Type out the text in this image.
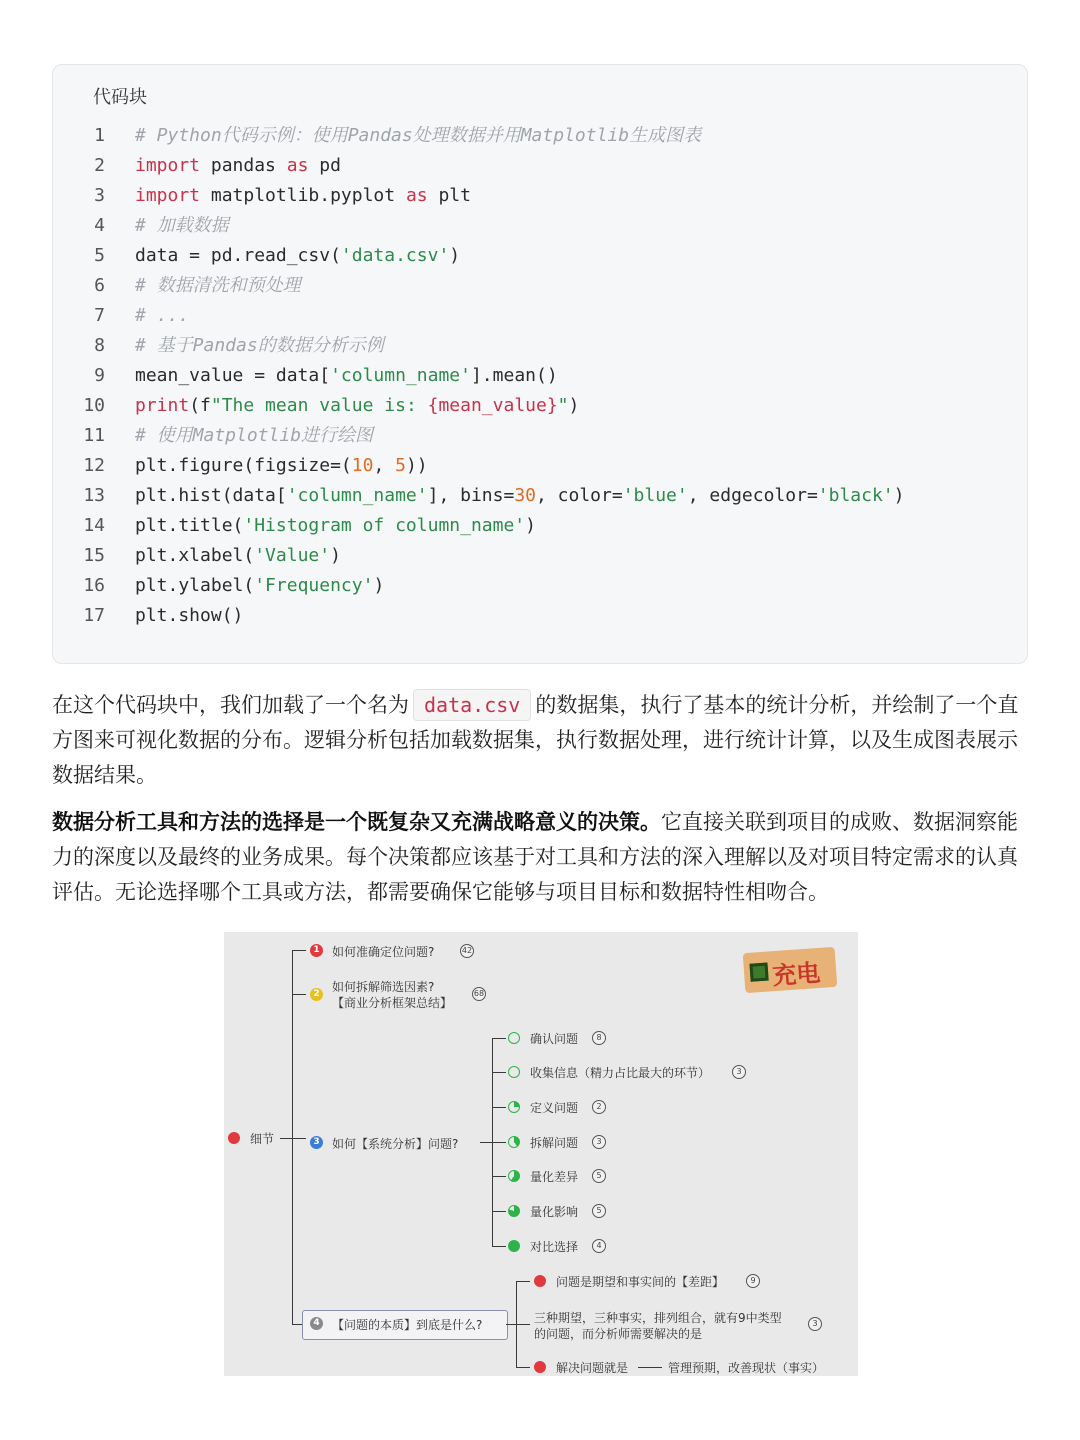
代码块
1 # Python代码示例：使用Pandas处理数据并用Matplotlib生成图表
2 import pandas as pd
3 import matplotlib.pyplot as plt
4 # 加载数据
5 data = pd.read_csv('data.csv')
6 # 数据清洗和预处理
7 # ...
8 # 基于Pandas的数据分析示例
9 mean_value = data['column_name'].mean()
10 print(f"The mean value is: {mean_value}")
11 # 使用Matplotlib进行绘图
12 plt.figure(figsize=(10, 5))
13 plt.hist(data['column_name'], bins=30, color='blue', edgecolor='black')
14 plt.title('Histogram of column_name')
15 plt.xlabel('Value')
16 plt.ylabel('Frequency')
17 plt.show()
在这个代码块中，我们加载了一个名为 data.csv 的数据集，执行了基本的统计分析，并绘制了一个直方图来可视化数据的分布。逻辑分析包括加载数据集，执行数据处理，进行统计计算，以及生成图表展示数据结果。
数据分析工具和方法的选择是一个既复杂又充满战略意义的决策。它直接关联到项目的成败、数据洞察能力的深度以及最终的业务成果。每个决策都应该基于对工具和方法的深入理解以及对项目特定需求的认真评估。无论选择哪个工具或方法，都需要确保它能够与项目目标和数据特性相吻合。
充电
细节
1 如何准确定位问题?	42
2 如何拆解筛选因素?
【商业分析框架总结】
68
3 如何【系统分析】问题?
确认问题	8
收集信息（精力占比最大的环节）	3
定义问题	2
拆解问题	3
量化差异	5
量化影响	5
对比选择	4
4 【问题的本质】到底是什么?
问题是期望和事实间的【差距】	9
三种期望，三种事实，排列组合，就有9中类型
的问题，而分析师需要解决的是
3
解决问题就是	管理预期，改善现状（事实）
